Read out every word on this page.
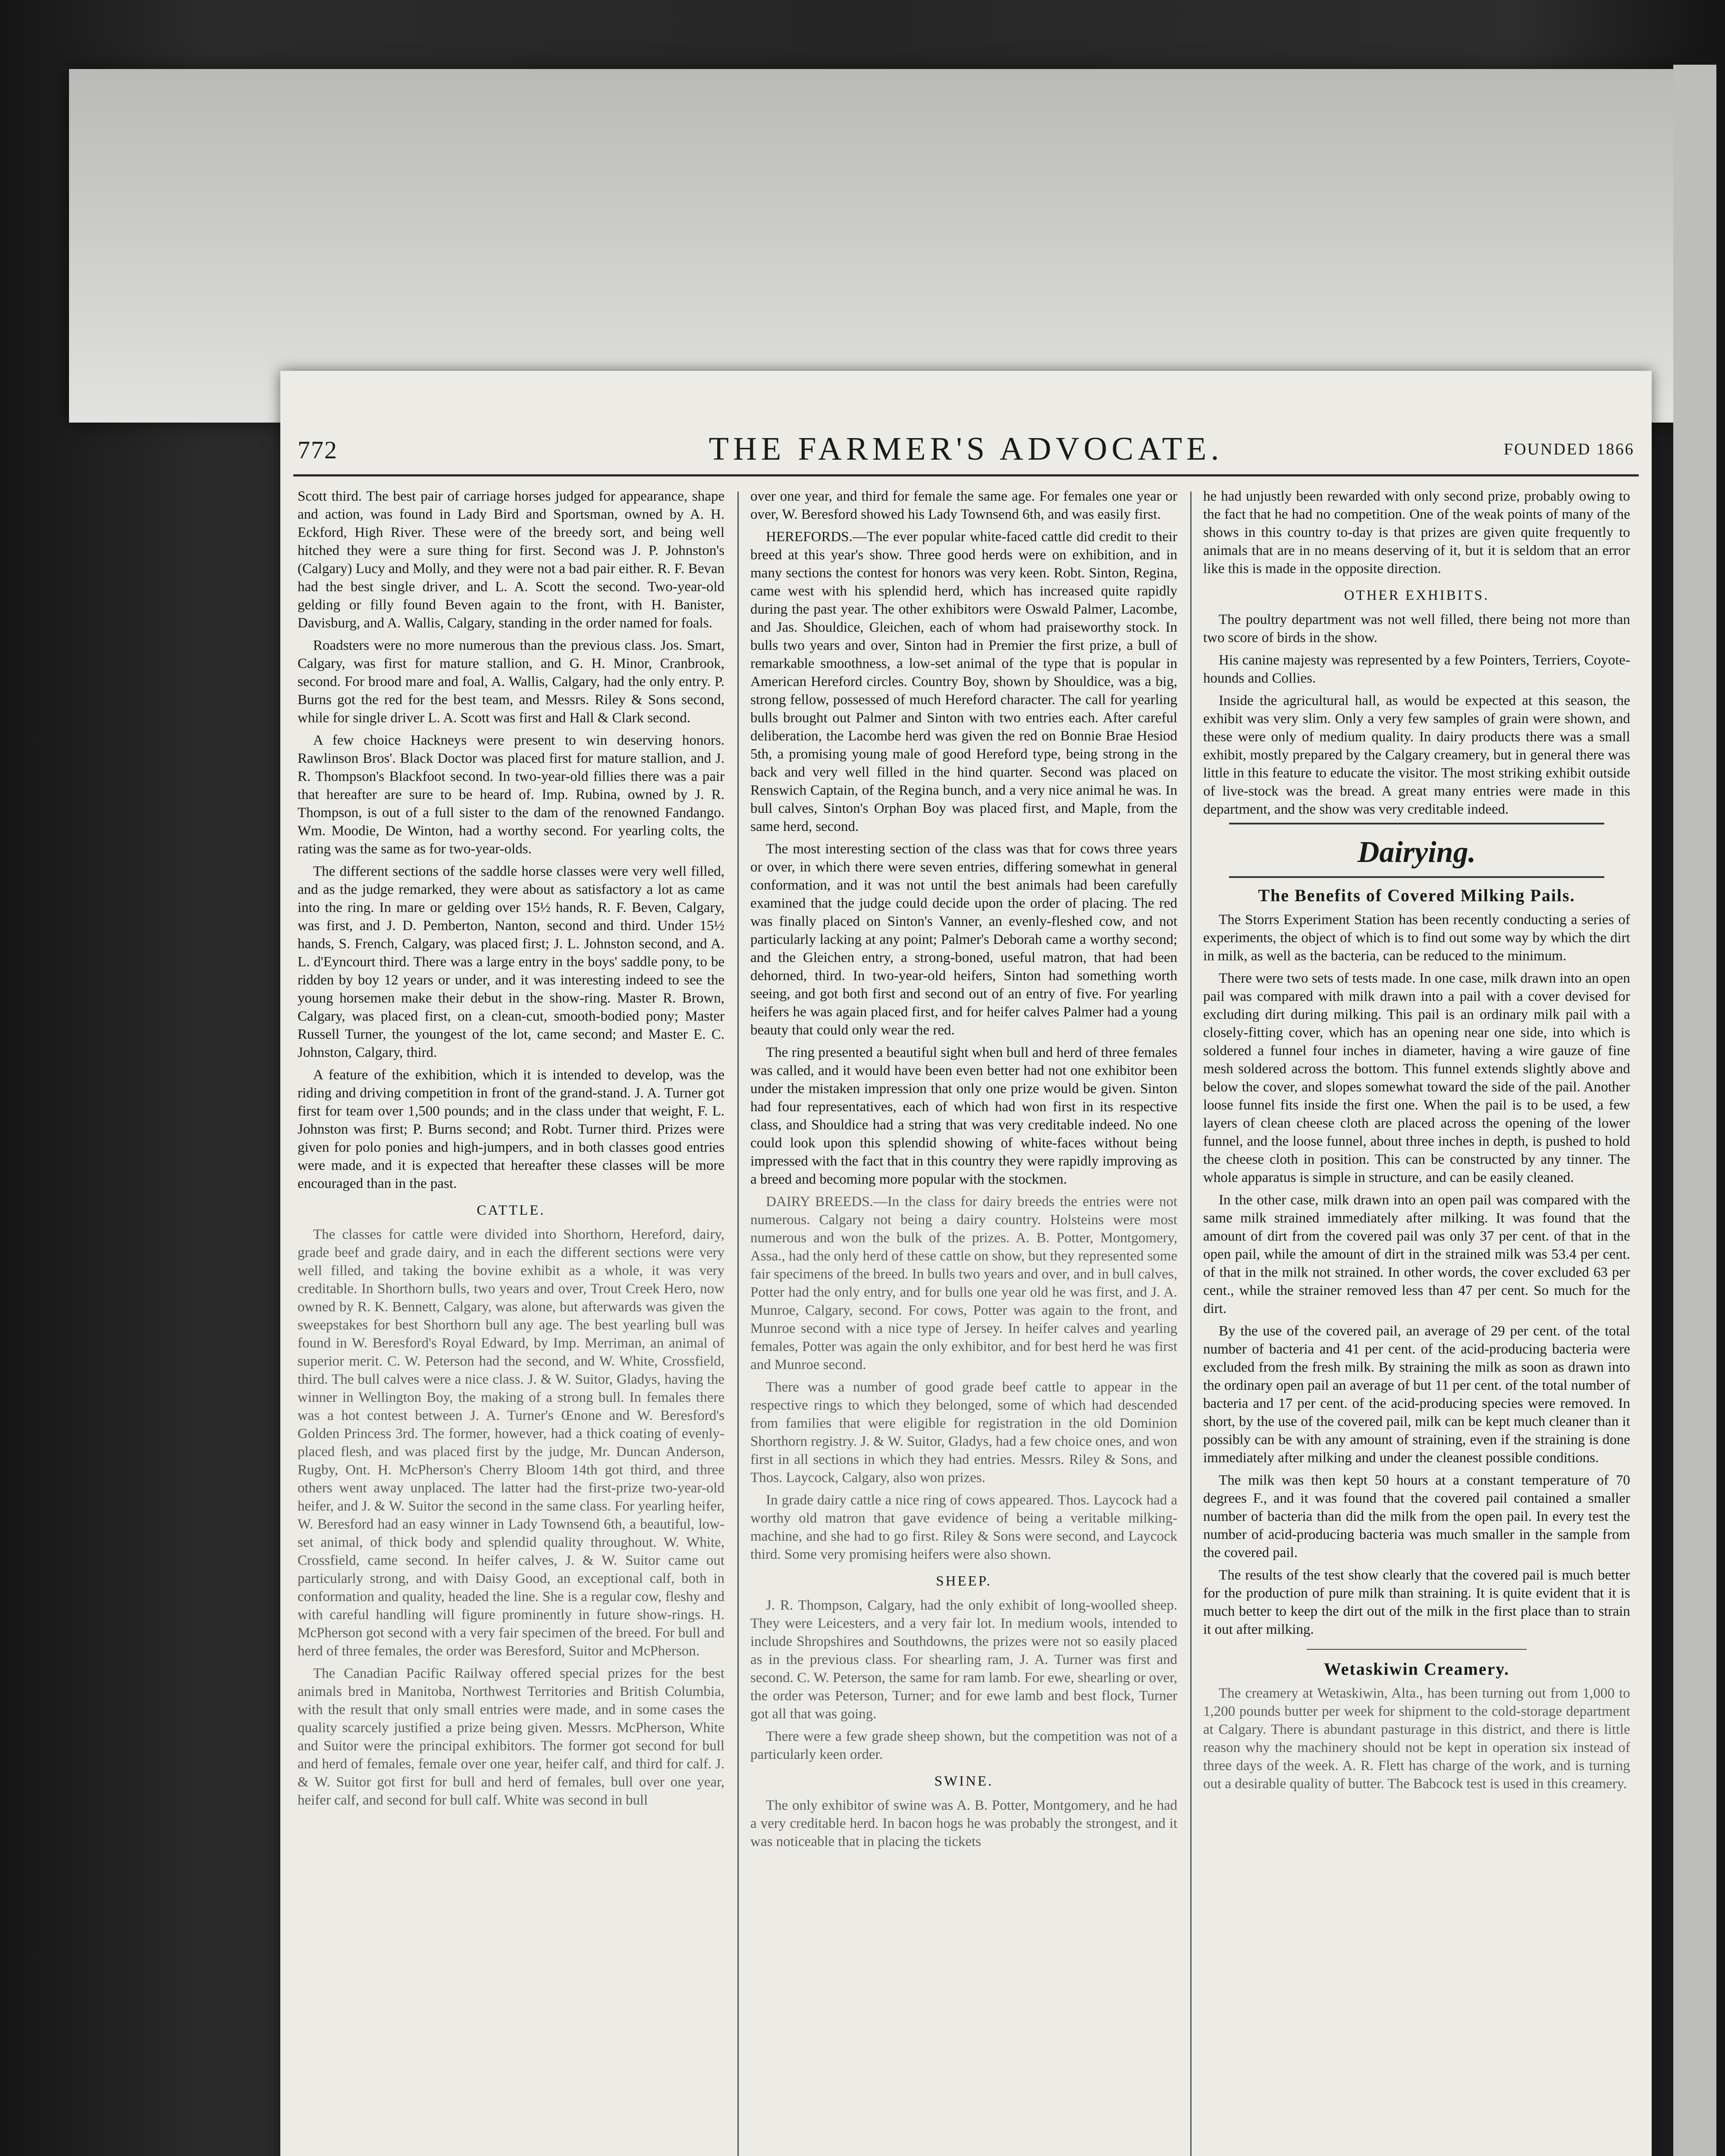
772	THE FARMER'S ADVOCATE.	FOUNDED 1866

Scott third. The best pair of carriage horses judged for appearance, shape and action, was found in Lady Bird and Sportsman, owned by A. H. Eckford, High River. These were of the breedy sort, and being well hitched they were a sure thing for first. Second was J. P. Johnston's (Calgary) Lucy and Molly, and they were not a bad pair either. R. F. Bevan had the best single driver, and L. A. Scott the second. Two-year-old gelding or filly found Beven again to the front, with H. Banister, Davisburg, and A. Wallis, Calgary, standing in the order named for foals.

Roadsters were no more numerous than the previous class. Jos. Smart, Calgary, was first for mature stallion, and G. H. Minor, Cranbrook, second. For brood mare and foal, A. Wallis, Calgary, had the only entry. P. Burns got the red for the best team, and Messrs. Riley & Sons second, while for single driver L. A. Scott was first and Hall & Clark second.

A few choice Hackneys were present to win deserving honors. Rawlinson Bros'. Black Doctor was placed first for mature stallion, and J. R. Thompson's Blackfoot second. In two-year-old fillies there was a pair that hereafter are sure to be heard of. Imp. Rubina, owned by J. R. Thompson, is out of a full sister to the dam of the renowned Fandango. Wm. Moodie, De Winton, had a worthy second. For yearling colts, the rating was the same as for two-year-olds.

The different sections of the saddle horse classes were very well filled, and as the judge remarked, they were about as satisfactory a lot as came into the ring. In mare or gelding over 15½ hands, R. F. Beven, Calgary, was first, and J. D. Pemberton, Nanton, second and third. Under 15½ hands, S. French, Calgary, was placed first; J. L. Johnston second, and A. L. d'Eyncourt third. There was a large entry in the boys' saddle pony, to be ridden by boy 12 years or under, and it was interesting indeed to see the young horsemen make their debut in the show-ring. Master R. Brown, Calgary, was placed first, on a clean-cut, smooth-bodied pony; Master Russell Turner, the youngest of the lot, came second; and Master E. C. Johnston, Calgary, third.

A feature of the exhibition, which it is intended to develop, was the riding and driving competition in front of the grand-stand. J. A. Turner got first for team over 1,500 pounds; and in the class under that weight, F. L. Johnston was first; P. Burns second; and Robt. Turner third. Prizes were given for polo ponies and high-jumpers, and in both classes good entries were made, and it is expected that hereafter these classes will be more encouraged than in the past.

CATTLE.

The classes for cattle were divided into Shorthorn, Hereford, dairy, grade beef and grade dairy, and in each the different sections were very well filled, and taking the bovine exhibit as a whole, it was very creditable. In Shorthorn bulls, two years and over, Trout Creek Hero, now owned by R. K. Bennett, Calgary, was alone, but afterwards was given the sweepstakes for best Shorthorn bull any age. The best yearling bull was found in W. Beresford's Royal Edward, by Imp. Merriman, an animal of superior merit. C. W. Peterson had the second, and W. White, Crossfield, third. The bull calves were a nice class. J. & W. Suitor, Gladys, having the winner in Wellington Boy, the making of a strong bull. In females there was a hot contest between J. A. Turner's Œnone and W. Beresford's Golden Princess 3rd. The former, however, had a thick coating of evenly-placed flesh, and was placed first by the judge, Mr. Duncan Anderson, Rugby, Ont. H. McPherson's Cherry Bloom 14th got third, and three others went away unplaced. The latter had the first-prize two-year-old heifer, and J. & W. Suitor the second in the same class. For yearling heifer, W. Beresford had an easy winner in Lady Townsend 6th, a beautiful, low-set animal, of thick body and splendid quality throughout. W. White, Crossfield, came second. In heifer calves, J. & W. Suitor came out particularly strong, and with Daisy Good, an exceptional calf, both in conformation and quality, headed the line. She is a regular cow, fleshy and with careful handling will figure prominently in future show-rings. H. McPherson got second with a very fair specimen of the breed. For bull and herd of three females, the order was Beresford, Suitor and McPherson.

The Canadian Pacific Railway offered special prizes for the best animals bred in Manitoba, Northwest Territories and British Columbia, with the result that only small entries were made, and in some cases the quality scarcely justified a prize being given. Messrs. McPherson, White and Suitor were the principal exhibitors. The former got second for bull and herd of females, female over one year, heifer calf, and third for calf. J. & W. Suitor got first for bull and herd of females, bull over one year, heifer calf, and second for bull calf. White was second in bull

over one year, and third for female the same age. For females one year or over, W. Beresford showed his Lady Townsend 6th, and was easily first.

HEREFORDS.—The ever popular white-faced cattle did credit to their breed at this year's show. Three good herds were on exhibition, and in many sections the contest for honors was very keen. Robt. Sinton, Regina, came west with his splendid herd, which has increased quite rapidly during the past year. The other exhibitors were Oswald Palmer, Lacombe, and Jas. Shouldice, Gleichen, each of whom had praiseworthy stock. In bulls two years and over, Sinton had in Premier the first prize, a bull of remarkable smoothness, a low-set animal of the type that is popular in American Hereford circles. Country Boy, shown by Shouldice, was a big, strong fellow, possessed of much Hereford character. The call for yearling bulls brought out Palmer and Sinton with two entries each. After careful deliberation, the Lacombe herd was given the red on Bonnie Brae Hesiod 5th, a promising young male of good Hereford type, being strong in the back and very well filled in the hind quarter. Second was placed on Renswich Captain, of the Regina bunch, and a very nice animal he was. In bull calves, Sinton's Orphan Boy was placed first, and Maple, from the same herd, second.

The most interesting section of the class was that for cows three years or over, in which there were seven entries, differing somewhat in general conformation, and it was not until the best animals had been carefully examined that the judge could decide upon the order of placing. The red was finally placed on Sinton's Vanner, an evenly-fleshed cow, and not particularly lacking at any point; Palmer's Deborah came a worthy second; and the Gleichen entry, a strong-boned, useful matron, that had been dehorned, third. In two-year-old heifers, Sinton had something worth seeing, and got both first and second out of an entry of five. For yearling heifers he was again placed first, and for heifer calves Palmer had a young beauty that could only wear the red.

The ring presented a beautiful sight when bull and herd of three females was called, and it would have been even better had not one exhibitor been under the mistaken impression that only one prize would be given. Sinton had four representatives, each of which had won first in its respective class, and Shouldice had a string that was very creditable indeed. No one could look upon this splendid showing of white-faces without being impressed with the fact that in this country they were rapidly improving as a breed and becoming more popular with the stockmen.

DAIRY BREEDS.—In the class for dairy breeds the entries were not numerous. Calgary not being a dairy country. Holsteins were most numerous and won the bulk of the prizes. A. B. Potter, Montgomery, Assa., had the only herd of these cattle on show, but they represented some fair specimens of the breed. In bulls two years and over, and in bull calves, Potter had the only entry, and for bulls one year old he was first, and J. A. Munroe, Calgary, second. For cows, Potter was again to the front, and Munroe second with a nice type of Jersey. In heifer calves and yearling females, Potter was again the only exhibitor, and for best herd he was first and Munroe second.

There was a number of good grade beef cattle to appear in the respective rings to which they belonged, some of which had descended from families that were eligible for registration in the old Dominion Shorthorn registry. J. & W. Suitor, Gladys, had a few choice ones, and won first in all sections in which they had entries. Messrs. Riley & Sons, and Thos. Laycock, Calgary, also won prizes.

In grade dairy cattle a nice ring of cows appeared. Thos. Laycock had a worthy old matron that gave evidence of being a veritable milking-machine, and she had to go first. Riley & Sons were second, and Laycock third. Some very promising heifers were also shown.

SHEEP.

J. R. Thompson, Calgary, had the only exhibit of long-woolled sheep. They were Leicesters, and a very fair lot. In medium wools, intended to include Shropshires and Southdowns, the prizes were not so easily placed as in the previous class. For shearling ram, J. A. Turner was first and second. C. W. Peterson, the same for ram lamb. For ewe, shearling or over, the order was Peterson, Turner; and for ewe lamb and best flock, Turner got all that was going.

There were a few grade sheep shown, but the competition was not of a particularly keen order.

SWINE.

The only exhibitor of swine was A. B. Potter, Montgomery, and he had a very creditable herd. In bacon hogs he was probably the strongest, and it was noticeable that in placing the tickets

he had unjustly been rewarded with only second prize, probably owing to the fact that he had no competition. One of the weak points of many of the shows in this country to-day is that prizes are given quite frequently to animals that are in no means deserving of it, but it is seldom that an error like this is made in the opposite direction.

OTHER EXHIBITS.

The poultry department was not well filled, there being not more than two score of birds in the show.

His canine majesty was represented by a few Pointers, Terriers, Coyote-hounds and Collies.

Inside the agricultural hall, as would be expected at this season, the exhibit was very slim. Only a very few samples of grain were shown, and these were only of medium quality. In dairy products there was a small exhibit, mostly prepared by the Calgary creamery, but in general there was little in this feature to educate the visitor. The most striking exhibit outside of live-stock was the bread. A great many entries were made in this department, and the show was very creditable indeed.

Dairying.
The Benefits of Covered Milking Pails.

The Storrs Experiment Station has been recently conducting a series of experiments, the object of which is to find out some way by which the dirt in milk, as well as the bacteria, can be reduced to the minimum.

There were two sets of tests made. In one case, milk drawn into an open pail was compared with milk drawn into a pail with a cover devised for excluding dirt during milking. This pail is an ordinary milk pail with a closely-fitting cover, which has an opening near one side, into which is soldered a funnel four inches in diameter, having a wire gauze of fine mesh soldered across the bottom. This funnel extends slightly above and below the cover, and slopes somewhat toward the side of the pail. Another loose funnel fits inside the first one. When the pail is to be used, a few layers of clean cheese cloth are placed across the opening of the lower funnel, and the loose funnel, about three inches in depth, is pushed to hold the cheese cloth in position. This can be constructed by any tinner. The whole apparatus is simple in structure, and can be easily cleaned.

In the other case, milk drawn into an open pail was compared with the same milk strained immediately after milking. It was found that the amount of dirt from the covered pail was only 37 per cent. of that in the open pail, while the amount of dirt in the strained milk was 53.4 per cent. of that in the milk not strained. In other words, the cover excluded 63 per cent., while the strainer removed less than 47 per cent. So much for the dirt.

By the use of the covered pail, an average of 29 per cent. of the total number of bacteria and 41 per cent. of the acid-producing bacteria were excluded from the fresh milk. By straining the milk as soon as drawn into the ordinary open pail an average of but 11 per cent. of the total number of bacteria and 17 per cent. of the acid-producing species were removed. In short, by the use of the covered pail, milk can be kept much cleaner than it possibly can be with any amount of straining, even if the straining is done immediately after milking and under the cleanest possible conditions.

The milk was then kept 50 hours at a constant temperature of 70 degrees F., and it was found that the covered pail contained a smaller number of bacteria than did the milk from the open pail. In every test the number of acid-producing bacteria was much smaller in the sample from the covered pail.

The results of the test show clearly that the covered pail is much better for the production of pure milk than straining. It is quite evident that it is much better to keep the dirt out of the milk in the first place than to strain it out after milking.

Wetaskiwin Creamery.

The creamery at Wetaskiwin, Alta., has been turning out from 1,000 to 1,200 pounds butter per week for shipment to the cold-storage department at Calgary. There is abundant pasturage in this district, and there is little reason why the machinery should not be kept in operation six instead of three days of the week. A. R. Flett has charge of the work, and is turning out a desirable quality of butter. The Babcock test is used in this creamery.
